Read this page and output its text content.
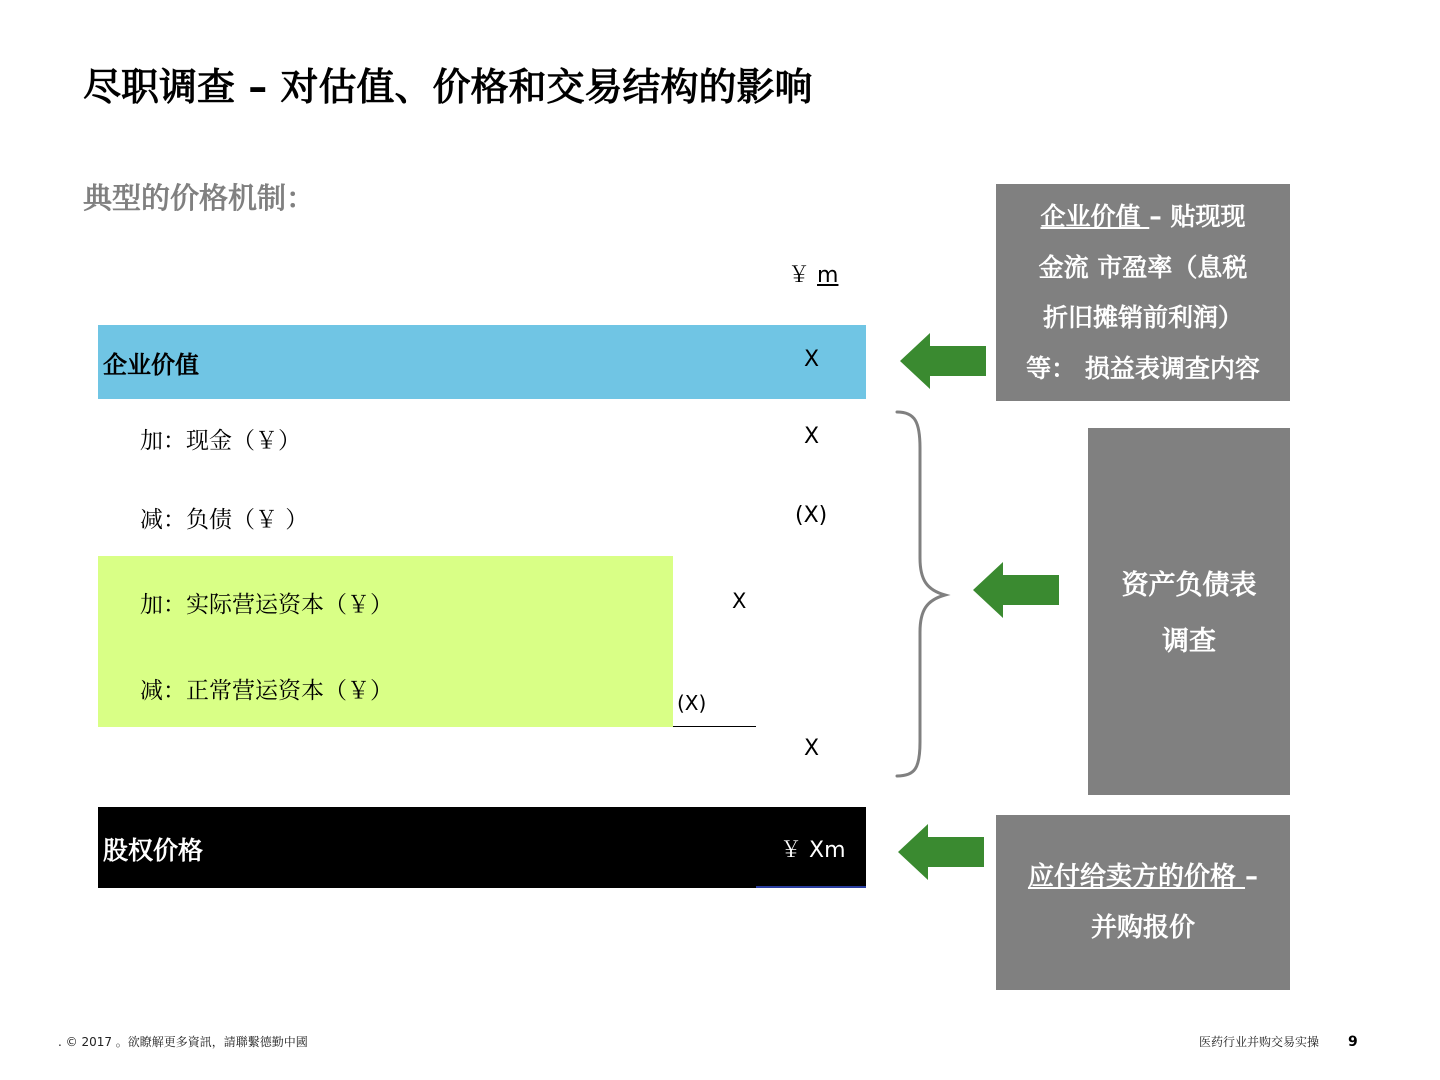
尽职调查 – 对估值、价格和交易结构的影响
典型的价格机制：
￥ m
企业价值	X
加：现金（￥）	X
减：负债（￥ ）	(X)
加：实际营运资本（￥）	X
减：正常营运资本（￥）	(X)
X
股权价格	￥ Xm
企业价值 – 贴现现
金流 市盈率（息税
折旧摊销前利润）
等： 损益表调查内容
资产负债表
调查
应付给卖方的价格 –
并购报价
. © 2017 。欲瞭解更多資訊，請聯繫德勤中國	医药行业并购交易实操 9
